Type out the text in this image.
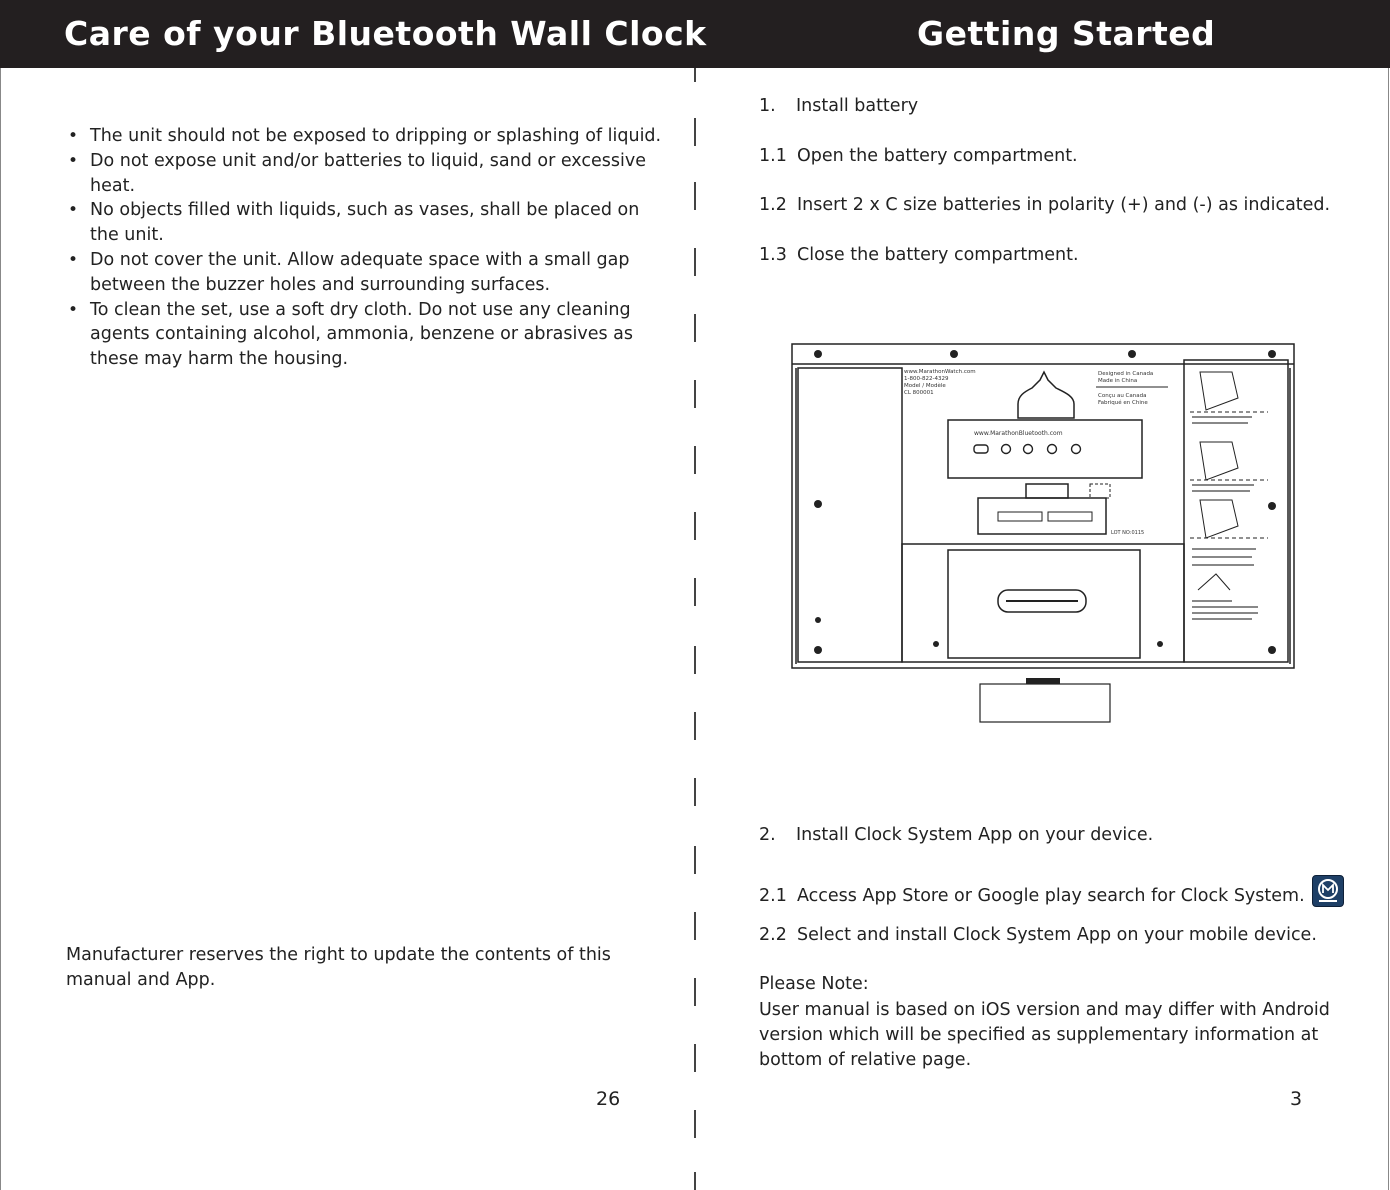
Care of your Bluetooth Wall Clock	Getting Started
• The unit should not be exposed to dripping or splashing of liquid.
• Do not expose unit and/or batteries to liquid, sand or excessive heat.
• No objects filled with liquids, such as vases, shall be placed on the unit.
• Do not cover the unit. Allow adequate space with a small gap between the buzzer holes and surrounding surfaces.
• To clean the set, use a soft dry cloth. Do not use any cleaning agents containing alcohol, ammonia, benzene or abrasives as these may harm the housing.

Manufacturer reserves the right to update the contents of this manual and App.

26
1. Install battery
1.1 Open the battery compartment.
1.2 Insert 2 x C size batteries in polarity (+) and (-) as indicated.
1.3 Close the battery compartment.
www.MarathonWatch.com
1-800-822-4329
Model / Modèle
CL 800001
Designed in Canada
Made in China
Conçu au Canada
Fabriqué en Chine
www.MarathonBluetooth.com
LOT NO:0115
2. Install Clock System App on your device.
2.1 Access App Store or Google play search for Clock System.
2.2 Select and install Clock System App on your mobile device.
Please Note:

User manual is based on iOS version and may differ with Android version which will be specified as supplementary information at bottom of relative page.

3
